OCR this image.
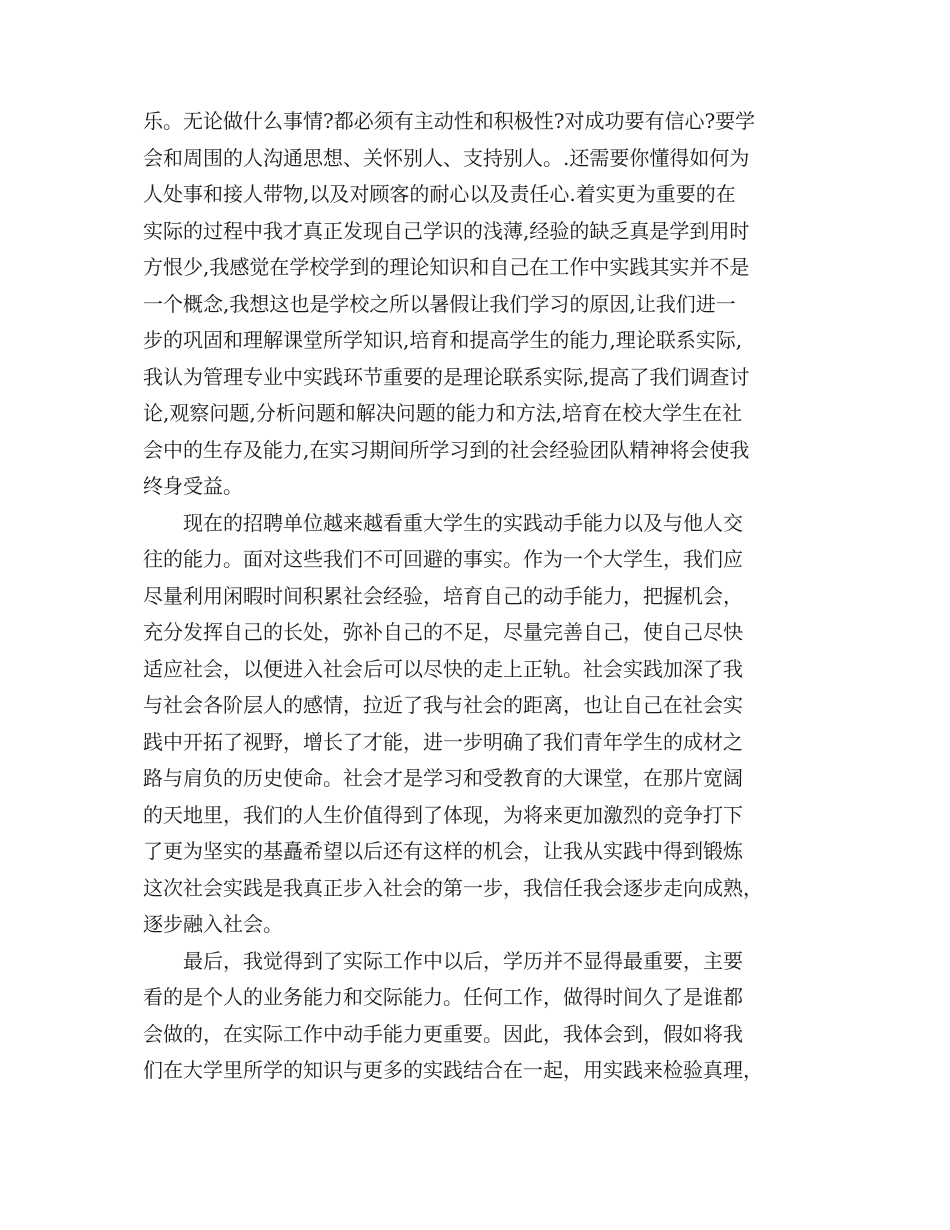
乐。无论做什么事情?都必须有主动性和积极性?对成功要有信心?要学
会和周围的人沟通思想、关怀别人、支持别人。.还需要你懂得如何为
人处事和接人带物,以及对顾客的耐心以及责任心.着实更为重要的在
实际的过程中我才真正发现自己学识的浅薄,经验的缺乏真是学到用时
方恨少,我感觉在学校学到的理论知识和自己在工作中实践其实并不是
一个概念,我想这也是学校之所以暑假让我们学习的原因,让我们进一
步的巩固和理解课堂所学知识,培育和提高学生的能力,理论联系实际,
我认为管理专业中实践环节重要的是理论联系实际,提高了我们调查讨
论,观察问题,分析问题和解决问题的能力和方法,培育在校大学生在社
会中的生存及能力,在实习期间所学习到的社会经验团队精神将会使我
终身受益。
　　现在的招聘单位越来越看重大学生的实践动手能力以及与他人交
往的能力。面对这些我们不可回避的事实。作为一个大学生，我们应
尽量利用闲暇时间积累社会经验，培育自己的动手能力，把握机会，
充分发挥自己的长处，弥补自己的不足，尽量完善自己，使自己尽快
适应社会，以便进入社会后可以尽快的走上正轨。社会实践加深了我
与社会各阶层人的感情，拉近了我与社会的距离，也让自己在社会实
践中开拓了视野，增长了才能，进一步明确了我们青年学生的成材之
路与肩负的历史使命。社会才是学习和受教育的大课堂，在那片宽阔
的天地里，我们的人生价值得到了体现，为将来更加激烈的竞争打下
了更为坚实的基矗希望以后还有这样的机会，让我从实践中得到锻炼
这次社会实践是我真正步入社会的第一步，我信任我会逐步走向成熟，
逐步融入社会。
　　最后，我觉得到了实际工作中以后，学历并不显得最重要，主要
看的是个人的业务能力和交际能力。任何工作，做得时间久了是谁都
会做的，在实际工作中动手能力更重要。因此，我体会到，假如将我
们在大学里所学的知识与更多的实践结合在一起，用实践来检验真理，
